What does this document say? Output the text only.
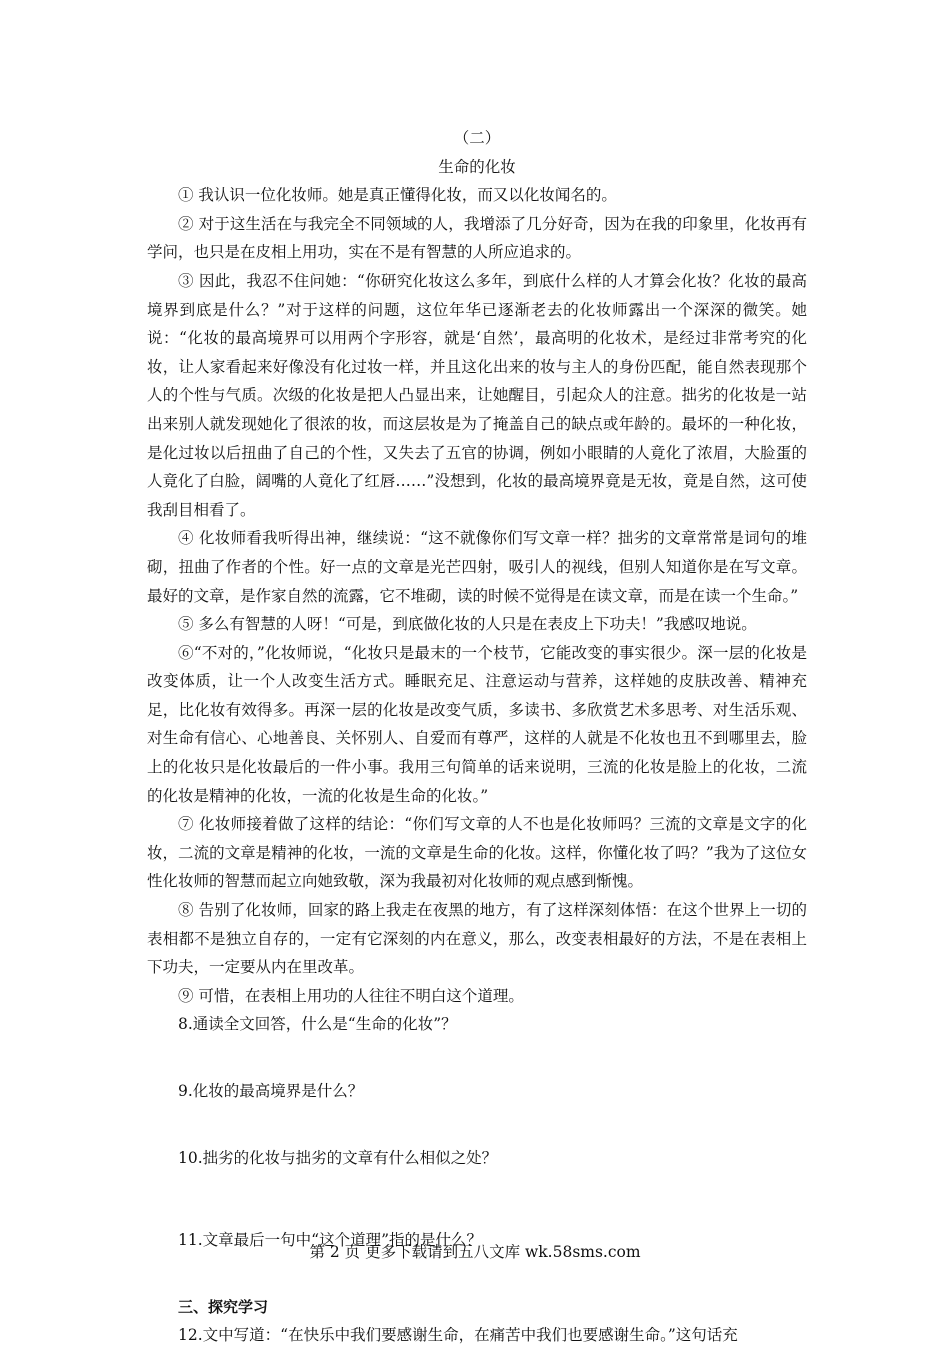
（二）

生命的化妆

① 我认识一位化妆师。她是真正懂得化妆，而又以化妆闻名的。

② 对于这生活在与我完全不同领域的人，我增添了几分好奇，因为在我的印象里，化妆再有学问，也只是在皮相上用功，实在不是有智慧的人所应追求的。

③ 因此，我忍不住问她：“你研究化妆这么多年，到底什么样的人才算会化妆？化妆的最高境界到底是什么？”对于这样的问题，这位年华已逐渐老去的化妆师露出一个深深的微笑。她说：“化妆的最高境界可以用两个字形容，就是‘自然’，最高明的化妆术，是经过非常考究的化妆，让人家看起来好像没有化过妆一样，并且这化出来的妆与主人的身份匹配，能自然表现那个人的个性与气质。次级的化妆是把人凸显出来，让她醒目，引起众人的注意。拙劣的化妆是一站出来别人就发现她化了很浓的妆，而这层妆是为了掩盖自己的缺点或年龄的。最坏的一种化妆，是化过妆以后扭曲了自己的个性，又失去了五官的协调，例如小眼睛的人竟化了浓眉，大脸蛋的人竟化了白脸，阔嘴的人竟化了红唇……”没想到，化妆的最高境界竟是无妆，竟是自然，这可使我刮目相看了。

④ 化妆师看我听得出神，继续说：“这不就像你们写文章一样？拙劣的文章常常是词句的堆砌，扭曲了作者的个性。好一点的文章是光芒四射，吸引人的视线，但别人知道你是在写文章。最好的文章，是作家自然的流露，它不堆砌，读的时候不觉得是在读文章，而是在读一个生命。”

⑤ 多么有智慧的人呀！“可是，到底做化妆的人只是在表皮上下功夫！”我感叹地说。

⑥“不对的，”化妆师说，“化妆只是最末的一个枝节，它能改变的事实很少。深一层的化妆是改变体质，让一个人改变生活方式。睡眠充足、注意运动与营养，这样她的皮肤改善、精神充足，比化妆有效得多。再深一层的化妆是改变气质，多读书、多欣赏艺术多思考、对生活乐观、对生命有信心、心地善良、关怀别人、自爱而有尊严，这样的人就是不化妆也丑不到哪里去，脸上的化妆只是化妆最后的一件小事。我用三句简单的话来说明，三流的化妆是脸上的化妆，二流的化妆是精神的化妆，一流的化妆是生命的化妆。”

⑦ 化妆师接着做了这样的结论：“你们写文章的人不也是化妆师吗？三流的文章是文字的化妆，二流的文章是精神的化妆，一流的文章是生命的化妆。这样，你懂化妆了吗？”我为了这位女性化妆师的智慧而起立向她致敬，深为我最初对化妆师的观点感到惭愧。

⑧ 告别了化妆师，回家的路上我走在夜黑的地方，有了这样深刻体悟：在这个世界上一切的表相都不是独立自存的，一定有它深刻的内在意义，那么，改变表相最好的方法，不是在表相上下功夫，一定要从内在里改革。

⑨ 可惜，在表相上用功的人往往不明白这个道理。

8.通读全文回答，什么是“生命的化妆”？

9.化妆的最高境界是什么？

10.拙劣的化妆与拙劣的文章有什么相似之处？

11.文章最后一句中“这个道理”指的是什么？

三、探究学习

12.文中写道：“在快乐中我们要感谢生命，在痛苦中我们也要感谢生命。”这句话充

第 2 页 更多下载请到五八文库 wk.58sms.com
